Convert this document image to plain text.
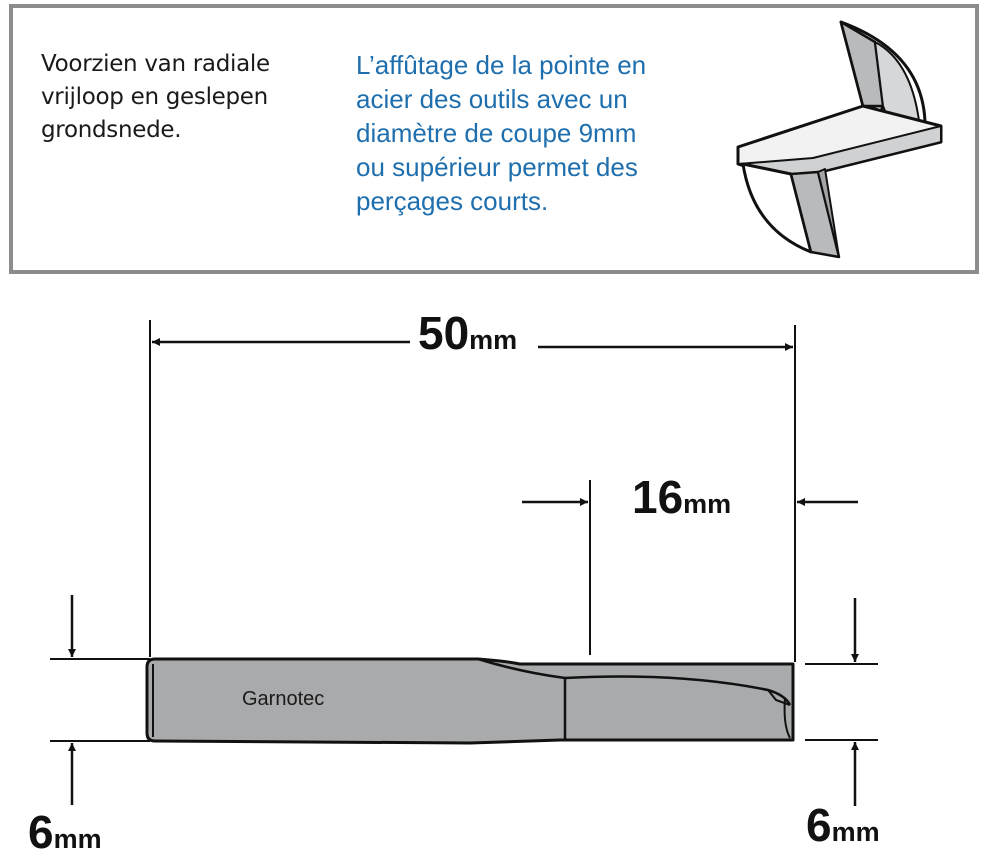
Voorzien van radiale
vrijloop en geslepen
grondsnede.
L’affûtage de la pointe en
acier des outils avec un
diamètre de coupe 9mm
ou supérieur permet des
perçages courts.
50mm
16mm
6mm	6mm
Garnotec
